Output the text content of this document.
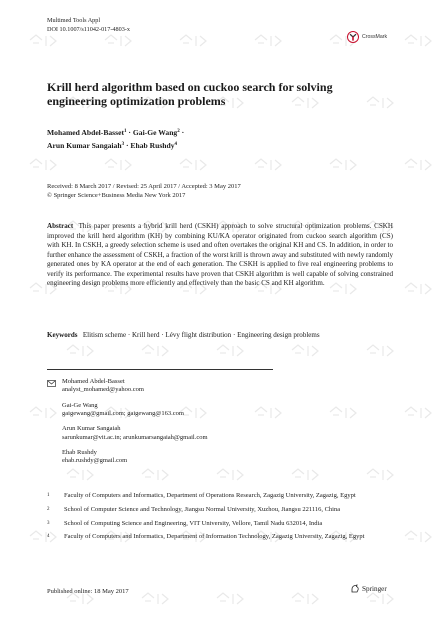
Multimed Tools Appl
DOI 10.1007/s11042-017-4803-x
CrossMark
Krill herd algorithm based on cuckoo search for solving engineering optimization problems
Mohamed Abdel-Basset$^1$ · Gai-Ge Wang$^2$ ·
Arun Kumar Sangaiah$^3$ · Ehab Rushdy$^4$
Received: 8 March 2017 / Revised: 25 April 2017 / Accepted: 3 May 2017
© Springer Science+Business Media New York 2017
Abstract This paper presents a hybrid krill herd (CSKH) approach to solve structural optimization problems. CSKH improved the krill herd algorithm (KH) by combining KU/KA operator originated from cuckoo search algorithm (CS) with KH. In CSKH, a greedy selection scheme is used and often overtakes the original KH and CS. In addition, in order to further enhance the assessment of CSKH, a fraction of the worst krill is thrown away and substituted with newly randomly generated ones by KA operator at the end of each generation. The CSKH is applied to five real engineering problems to verify its performance. The experimental results have proven that CSKH algorithm is well capable of solving constrained engineering design problems more efficiently and effectively than the basic CS and KH algorithm.
Keywords Elitism scheme · Krill herd · Lévy flight distribution · Engineering design problems
Mohamed Abdel-Basset
analyst_mohamed@yahoo.com
Gai-Ge Wang
gaigewang@gmail.com; gaigewang@163.com
Arun Kumar Sangaiah
sarunkumar@vit.ac.in; arunkumarsangaiah@gmail.com
Ehab Rushdy
ehab.rushdy@gmail.com
1	Faculty of Computers and Informatics, Department of Operations Research, Zagazig University, Zagazig, Egypt
2	School of Computer Science and Technology, Jiangsu Normal University, Xuzhou, Jiangsu 221116, China
3	School of Computing Science and Engineering, VIT University, Vellore, Tamil Nadu 632014, India
4	Faculty of Computers and Informatics, Department of Information Technology, Zagazig University, Zagazig, Egypt
Published online: 18 May 2017	Springer
